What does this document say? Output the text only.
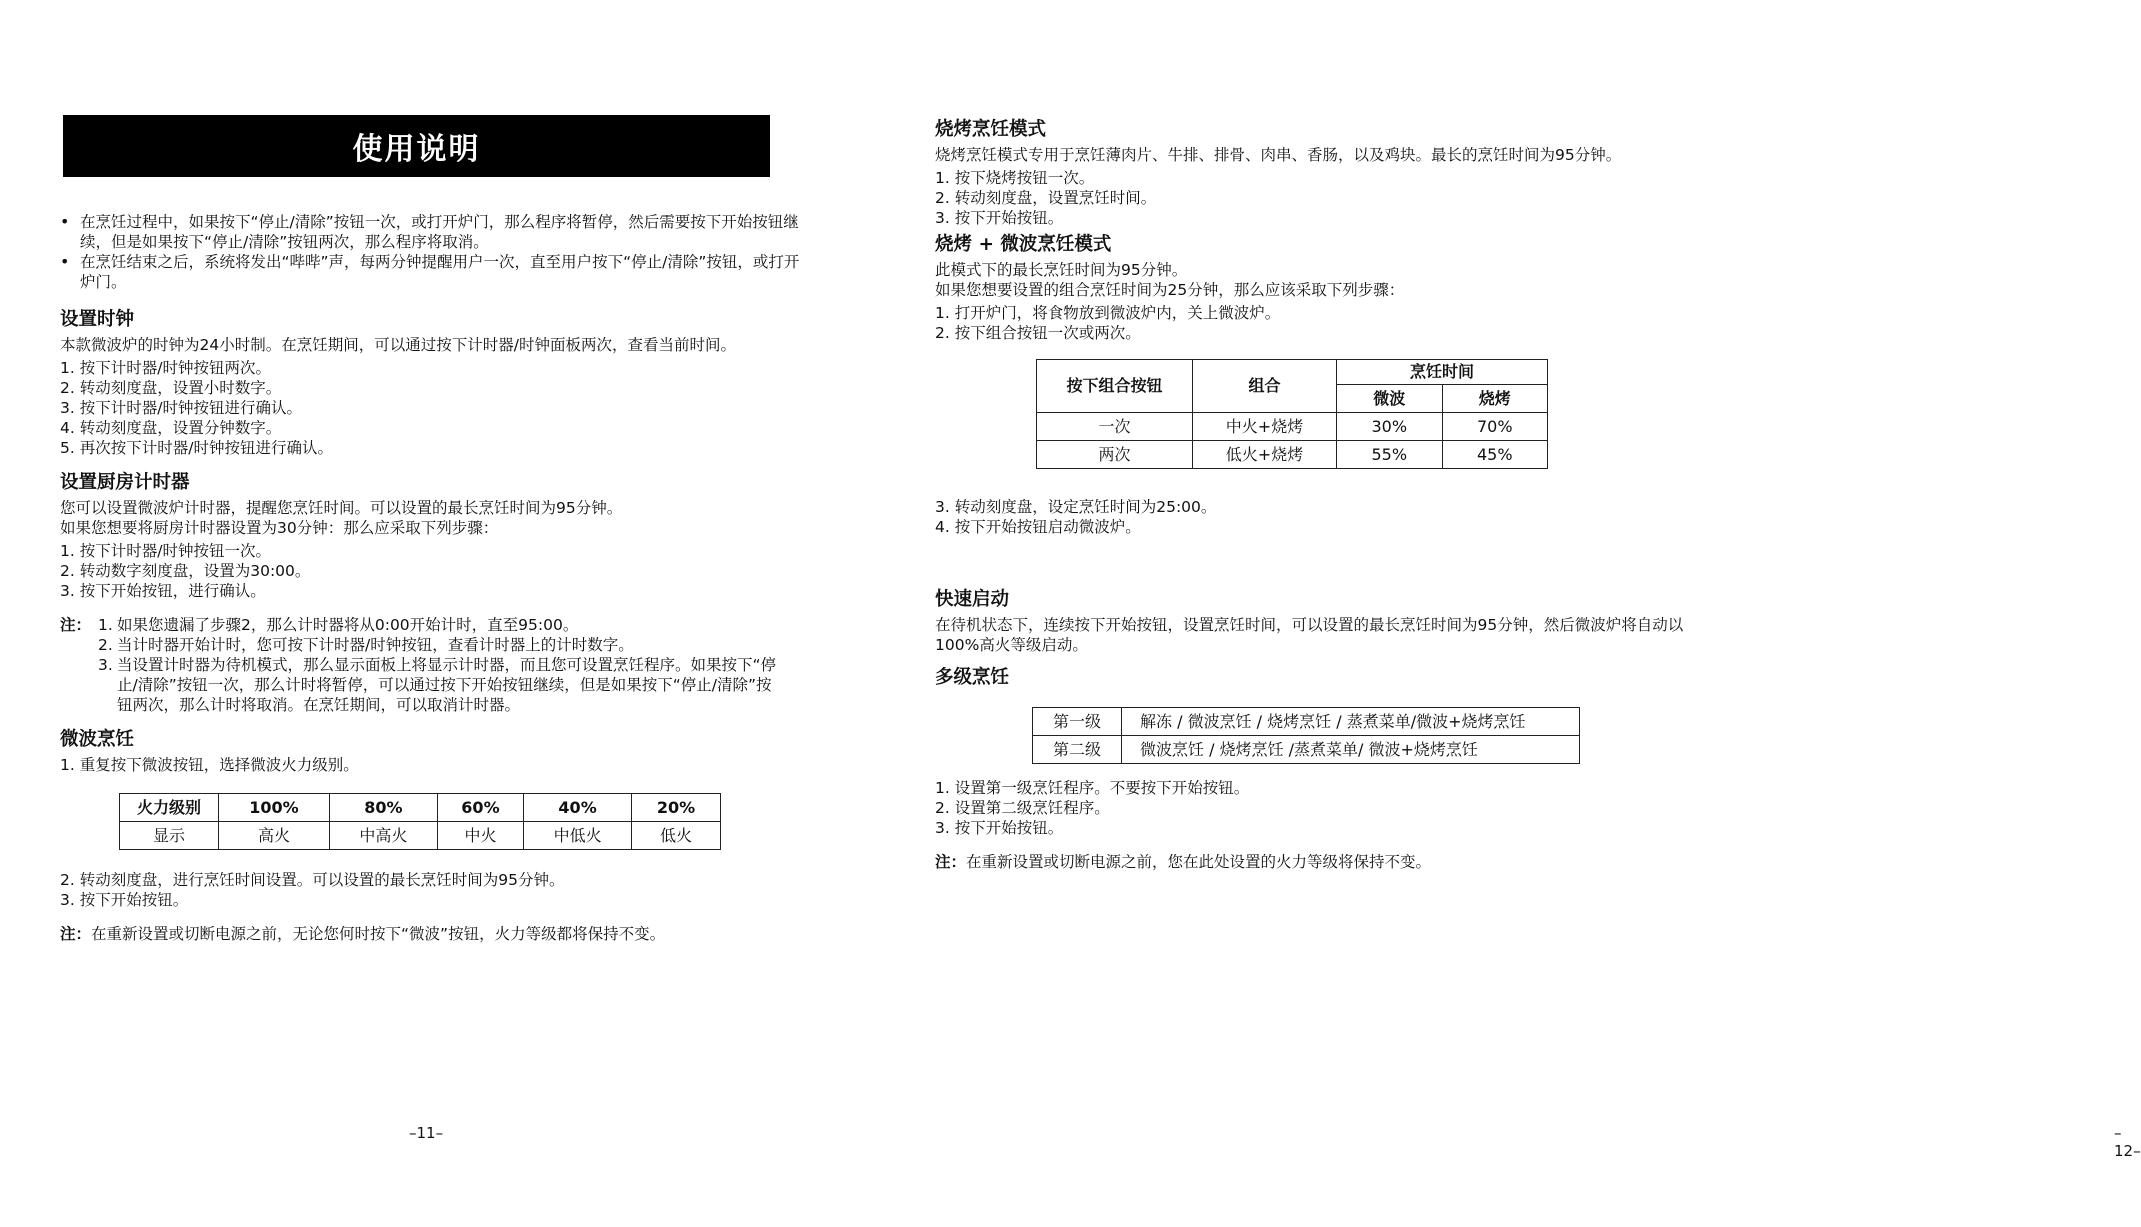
使用说明
• 在烹饪过程中，如果按下“停止/清除”按钮一次，或打开炉门，那么程序将暂停，然后需要按下开始按钮继续，但是如果按下“停止/清除”按钮两次，那么程序将取消。
• 在烹饪结束之后，系统将发出“哔哔”声，每两分钟提醒用户一次，直至用户按下“停止/清除”按钮，或打开炉门。
设置时钟
本款微波炉的时钟为24小时制。在烹饪期间，可以通过按下计时器/时钟面板两次，查看当前时间。
1. 按下计时器/时钟按钮两次。
2. 转动刻度盘，设置小时数字。
3. 按下计时器/时钟按钮进行确认。
4. 转动刻度盘，设置分钟数字。
5. 再次按下计时器/时钟按钮进行确认。
设置厨房计时器
您可以设置微波炉计时器，提醒您烹饪时间。可以设置的最长烹饪时间为95分钟。
如果您想要将厨房计时器设置为30分钟：那么应采取下列步骤：
1. 按下计时器/时钟按钮一次。
2. 转动数字刻度盘，设置为30:00。
3. 按下开始按钮，进行确认。
注： 1. 如果您遗漏了步骤2，那么计时器将从0:00开始计时，直至95:00。
2. 当计时器开始计时，您可按下计时器/时钟按钮，查看计时器上的计时数字。
3. 当设置计时器为待机模式，那么显示面板上将显示计时器，而且您可设置烹饪程序。如果按下“停止/清除”按钮一次，那么计时将暂停，可以通过按下开始按钮继续，但是如果按下“停止/清除”按钮两次，那么计时将取消。在烹饪期间，可以取消计时器。
微波烹饪
1. 重复按下微波按钮，选择微波火力级别。
火力级别	100%	80%	60%	40%	20%
显示	高火	中高火	中火	中低火	低火
2. 转动刻度盘，进行烹饪时间设置。可以设置的最长烹饪时间为95分钟。
3. 按下开始按钮。
注：在重新设置或切断电源之前，无论您何时按下“微波”按钮，火力等级都将保持不变。
–11–
烧烤烹饪模式
烧烤烹饪模式专用于烹饪薄肉片、牛排、排骨、肉串、香肠，以及鸡块。最长的烹饪时间为95分钟。
1. 按下烧烤按钮一次。
2. 转动刻度盘，设置烹饪时间。
3. 按下开始按钮。
烧烤 + 微波烹饪模式
此模式下的最长烹饪时间为95分钟。
如果您想要设置的组合烹饪时间为25分钟，那么应该采取下列步骤：
1. 打开炉门，将食物放到微波炉内，关上微波炉。
2. 按下组合按钮一次或两次。
按下组合按钮	组合	烹饪时间	
		微波	烧烤
一次	中火+烧烤	30%	70%
两次	低火+烧烤	55%	45%
3. 转动刻度盘，设定烹饪时间为25:00。
4. 按下开始按钮启动微波炉。
快速启动
在待机状态下，连续按下开始按钮，设置烹饪时间，可以设置的最长烹饪时间为95分钟，然后微波炉将自动以100%高火等级启动。
多级烹饪
第一级	解冻 / 微波烹饪 / 烧烤烹饪 / 蒸煮菜单/微波+烧烤烹饪
第二级	微波烹饪 / 烧烤烹饪 /蒸煮菜单/ 微波+烧烤烹饪
1. 设置第一级烹饪程序。不要按下开始按钮。
2. 设置第二级烹饪程序。
3. 按下开始按钮。
注：在重新设置或切断电源之前，您在此处设置的火力等级将保持不变。
–12–
